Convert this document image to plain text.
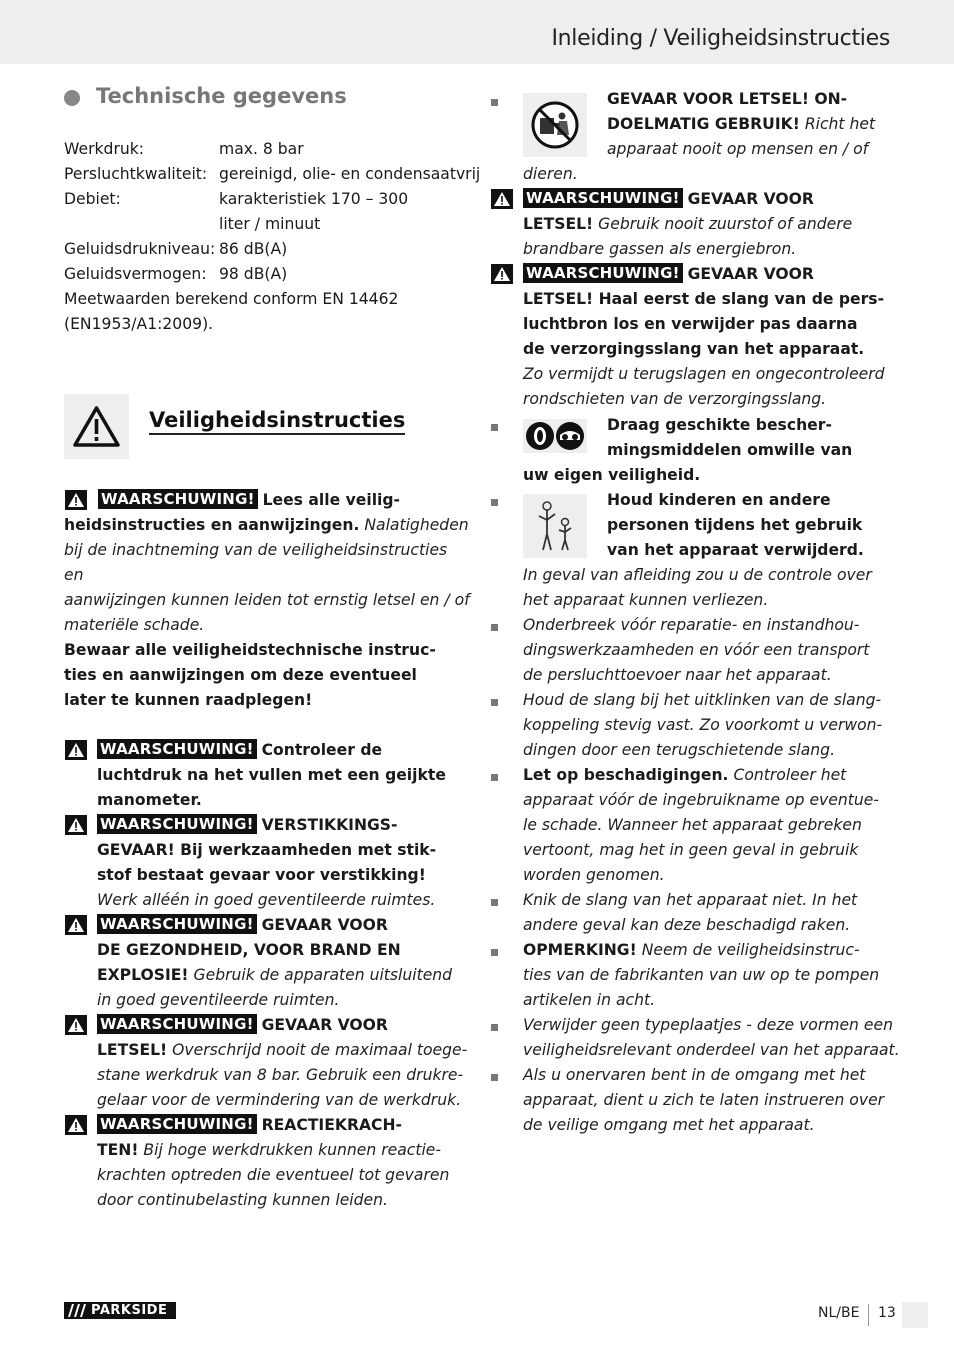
Inleiding / Veiligheidsinstructies
Technische gegevens
Werkdruk:	max. 8 bar
Persluchtkwaliteit:	gereinigd, olie- en condensaatvrij
Debiet:	karakteristiek 170 – 300
	liter / minuut
Geluidsdrukniveau:	86 dB(A)
Geluidsvermogen:	98 dB(A)
Meetwaarden berekend conform EN 14462
(EN1953/A1:2009).
Veiligheidsinstructies
WAARSCHUWING! Lees alle veilig-
heidsinstructies en aanwijzingen. Nalatigheden
bij de inachtneming van de veiligheidsinstructies en
aanwijzingen kunnen leiden tot ernstig letsel en / of
materiële schade.
Bewaar alle veiligheidstechnische instruc-
ties en aanwijzingen om deze eventueel
later te kunnen raadplegen!
WAARSCHUWING! Controleer de
luchtdruk na het vullen met een geijkte
manometer.
WAARSCHUWING! VERSTIKKINGS-
GEVAAR! Bij werkzaamheden met stik-
stof bestaat gevaar voor verstikking!
Werk alléén in goed geventileerde ruimtes.
WAARSCHUWING! GEVAAR VOOR
DE GEZONDHEID, VOOR BRAND EN
EXPLOSIE! Gebruik de apparaten uitsluitend
in goed geventileerde ruimten.
WAARSCHUWING! GEVAAR VOOR
LETSEL! Overschrijd nooit de maximaal toege-
stane werkdruk van 8 bar. Gebruik een drukre-
gelaar voor de vermindering van de werkdruk.
WAARSCHUWING! REACTIEKRACH-
TEN! Bij hoge werkdrukken kunnen reactie-
krachten optreden die eventueel tot gevaren
door continubelasting kunnen leiden.
GEVAAR VOOR LETSEL! ON-
DOELMATIG GEBRUIK! Richt het
apparaat nooit op mensen en / of
dieren.
WAARSCHUWING! GEVAAR VOOR
LETSEL! Gebruik nooit zuurstof of andere
brandbare gassen als energiebron.
WAARSCHUWING! GEVAAR VOOR
LETSEL! Haal eerst de slang van de pers-
luchtbron los en verwijder pas daarna
de verzorgingsslang van het apparaat.
Zo vermijdt u terugslagen en ongecontroleerd
rondschieten van de verzorgingsslang.
Draag geschikte bescher-
mingsmiddelen omwille van
uw eigen veiligheid.
Houd kinderen en andere
personen tijdens het gebruik
van het apparaat verwijderd.
In geval van afleiding zou u de controle over
het apparaat kunnen verliezen.
Onderbreek vóór reparatie- en instandhou-
dingswerkzaamheden en vóór een transport
de persluchttoevoer naar het apparaat.
Houd de slang bij het uitklinken van de slang-
koppeling stevig vast. Zo voorkomt u verwon-
dingen door een terugschietende slang.
Let op beschadigingen. Controleer het
apparaat vóór de ingebruikname op eventue-
le schade. Wanneer het apparaat gebreken
vertoont, mag het in geen geval in gebruik
worden genomen.
Knik de slang van het apparaat niet. In het
andere geval kan deze beschadigd raken.
OPMERKING! Neem de veiligheidsinstruc-
ties van de fabrikanten van uw op te pompen
artikelen in acht.
Verwijder geen typeplaatjes - deze vormen een
veiligheidsrelevant onderdeel van het apparaat.
Als u onervaren bent in de omgang met het
apparaat, dient u zich te laten instrueren over
de veilige omgang met het apparaat.
PARKSIDE	NL/BE 13
